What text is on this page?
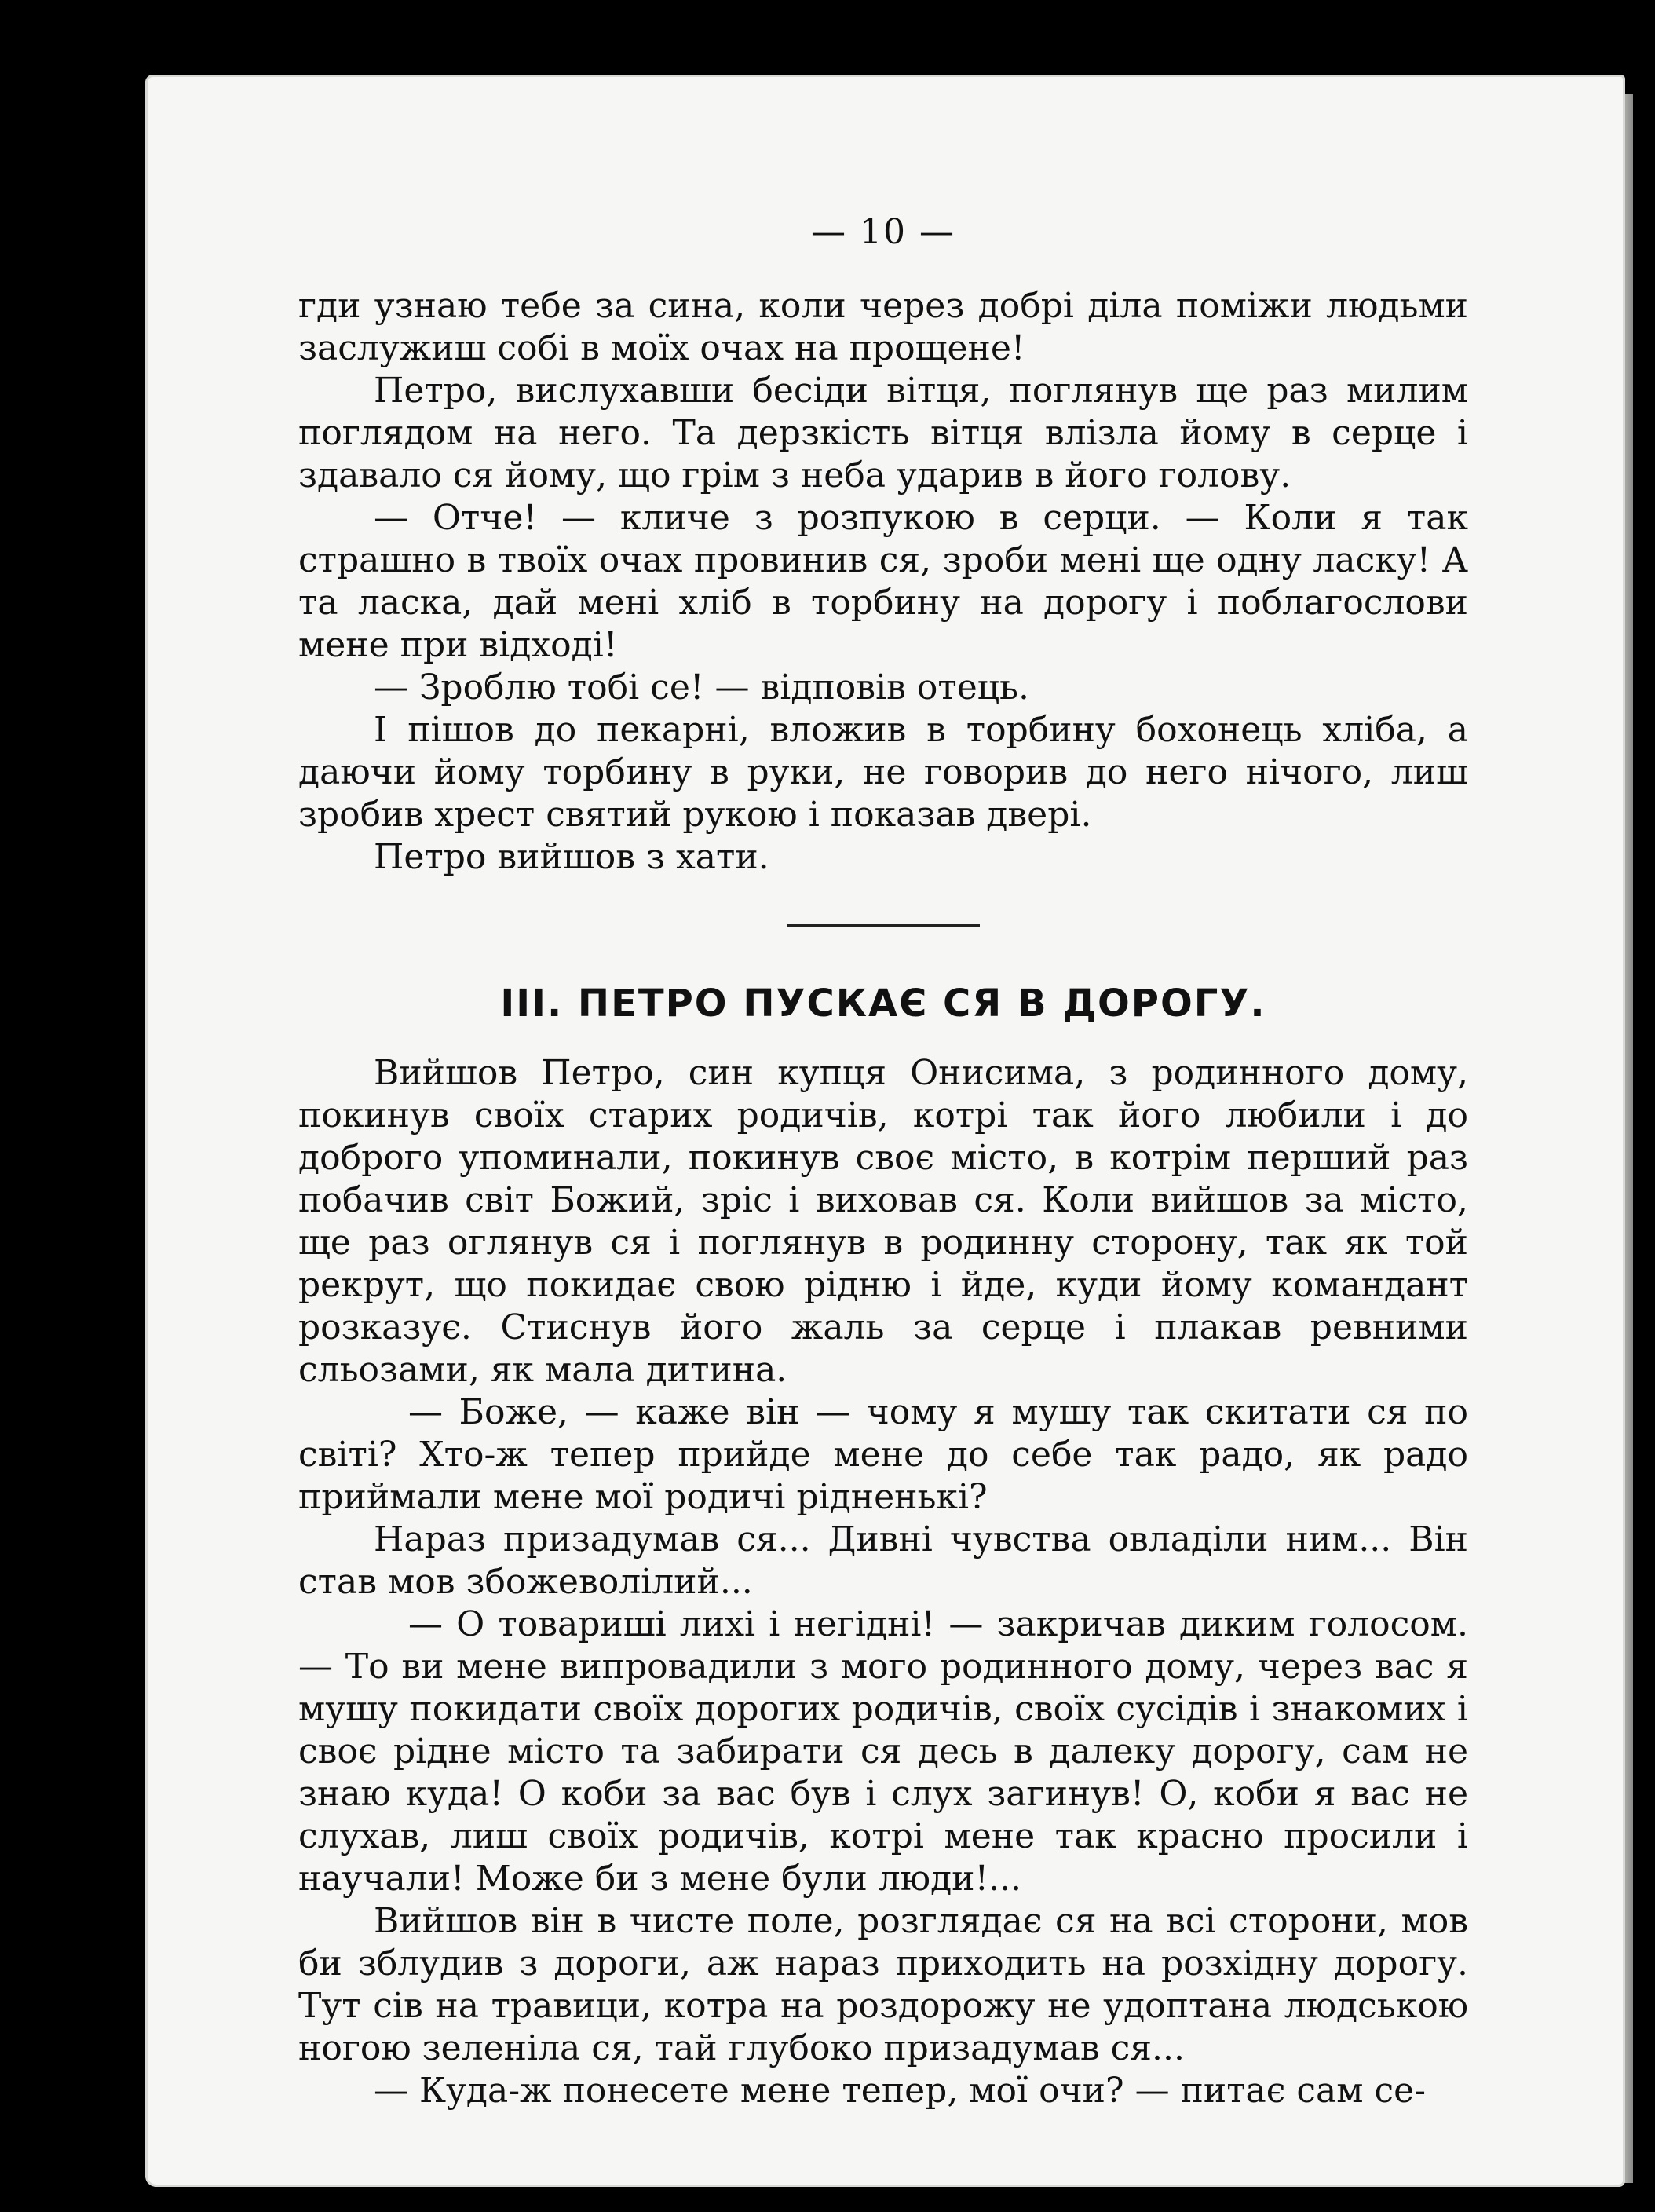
— 10 —

гди узнаю тебе за сина, коли через добрі діла поміжи людьми заслужиш собі в моїх очах на прощене!

Петро, вислухавши бесіди вітця, поглянув ще раз милим поглядом на него. Та дерзкість вітця влізла йому в серце і здавало ся йому, що грім з неба ударив в його голову.

— Отче! — кличе з розпукою в серци. — Коли я так страшно в твоїх очах провинив ся, зроби мені ще одну ласку! А та ласка, дай мені хліб в торбину на дорогу і поблагослови мене при відході!

— Зроблю тобі се! — відповів отець.

І пішов до пекарні, вложив в торбину бохонець хліба, а даючи йому торбину в руки, не говорив до него нічого, лиш зробив хрест святий рукою і показав двері.

Петро вийшов з хати.

III. ПЕТРО ПУСКАЄ СЯ В ДОРОГУ.

Вийшов Петро, син купця Онисима, з родинного дому, покинув своїх старих родичів, котрі так його любили і до доброго упоминали, покинув своє місто, в котрім перший раз побачив світ Божий, зріс і виховав ся. Коли вийшов за місто, ще раз оглянув ся і поглянув в родинну сторону, так як той рекрут, що покидає свою рідню і йде, куди йому командант розказує. Стиснув його жаль за серце і плакав ревними сльозами, як мала дитина.

— Боже, — каже він — чому я мушу так скитати ся по світі? Хто-ж тепер прийде мене до себе так радо, як радо приймали мене мої родичі рідненькі?

Нараз призадумав ся... Дивні чувства овладіли ним... Він став мов збожеволілий...

— О товариші лихі і негідні! — закричав диким голосом. — То ви мене випровадили з мого родинного дому, через вас я мушу покидати своїх дорогих родичів, своїх сусідів і знакомих і своє рідне місто та забирати ся десь в далеку дорогу, сам не знаю куда! О коби за вас був і слух загинув! О, коби я вас не слухав, лиш своїх родичів, котрі мене так красно просили і научали! Може би з мене були люди!...

Вийшов він в чисте поле, розглядає ся на всі сторони, мов би зблудив з дороги, аж нараз приходить на розхідну дорогу. Тут сів на травици, котра на роздорожу не удоптана людською ногою зеленіла ся, тай глубоко призадумав ся...

— Куда-ж понесете мене тепер, мої очи? — питає сам се-
